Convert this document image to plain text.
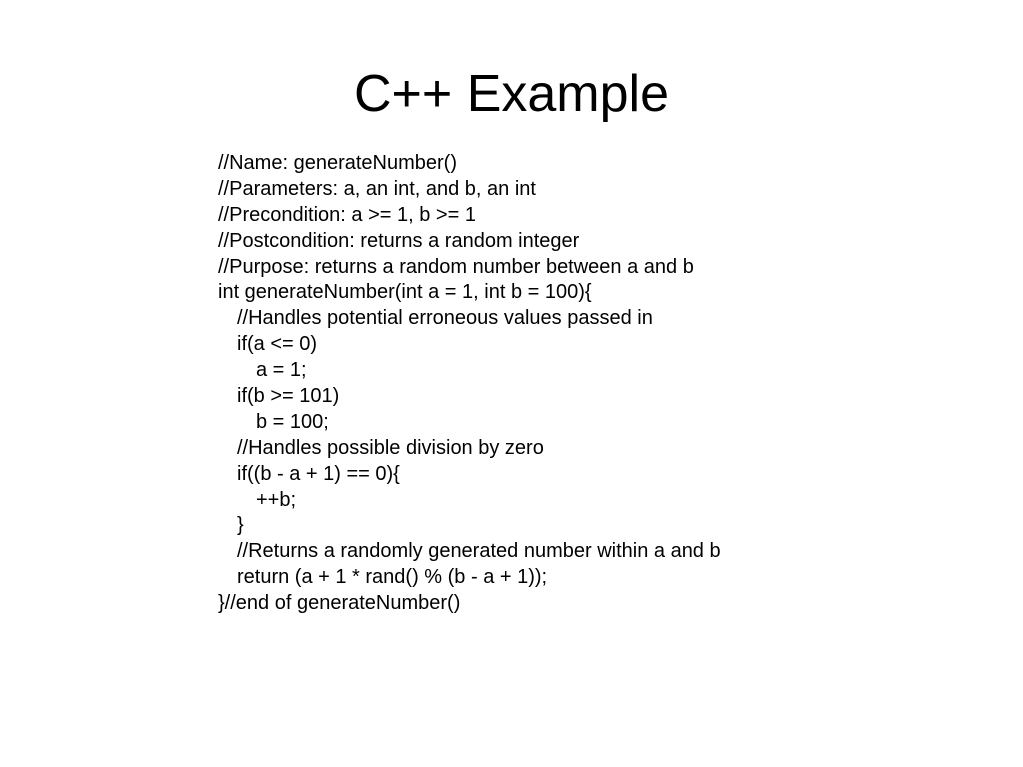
C++ Example
//Name: generateNumber()
//Parameters: a, an int, and b, an int
//Precondition: a >= 1, b >= 1
//Postcondition: returns a random integer
//Purpose: returns a random number between a and b
int generateNumber(int a = 1, int b = 100){
//Handles potential erroneous values passed in
if(a <= 0)
a = 1;
if(b >= 101)
b = 100;
//Handles possible division by zero
if((b - a + 1) == 0){
++b;
}
//Returns a randomly generated number within a and b
return (a + 1 * rand() % (b - a + 1));
}//end of generateNumber()
